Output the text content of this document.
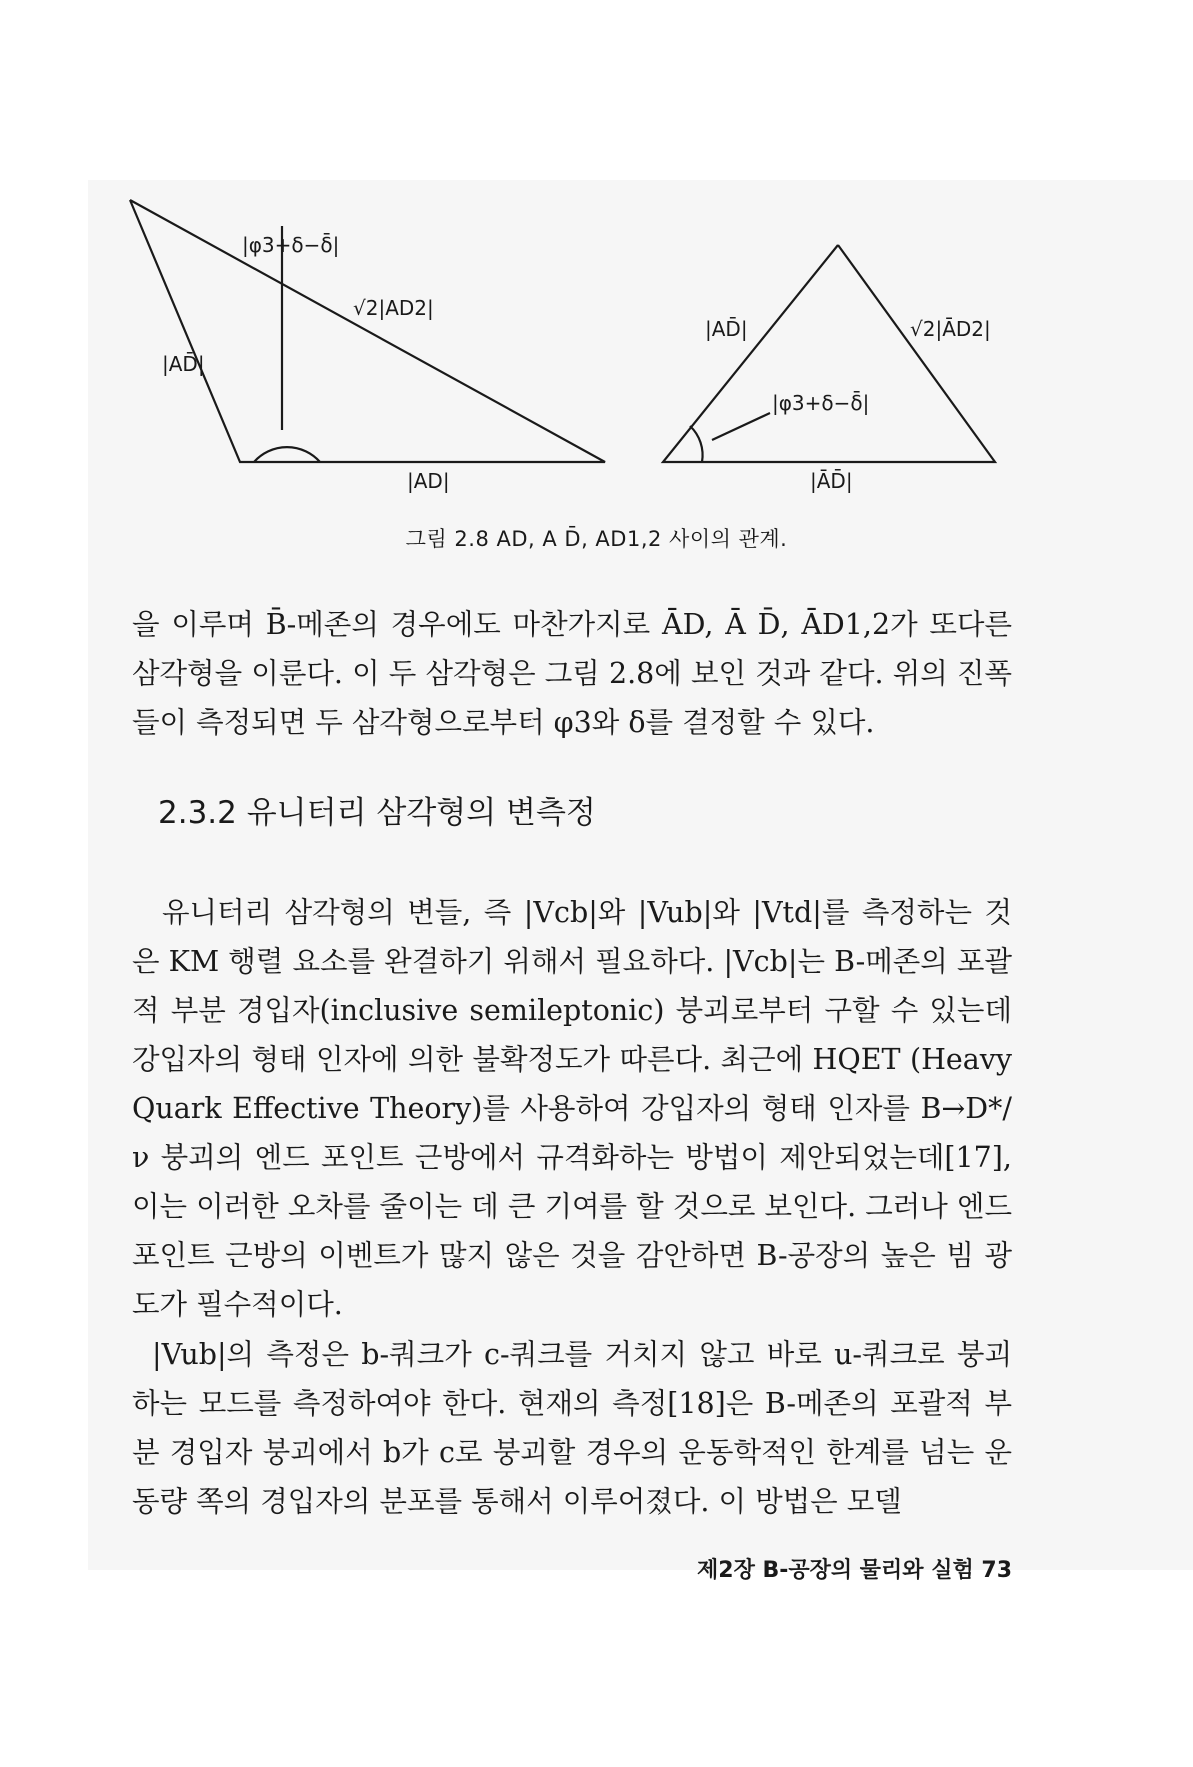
|φ3+δ−δ̄|
√2|AD2|
|AD̄|
|AD|
|AD̄|	√2|ĀD2|
|φ3+δ−δ̄|
|ĀD̄|
그림 2.8 AD, A D̄, AD1,2 사이의 관계.

을 이루며 B̄-메존의 경우에도 마찬가지로 ĀD, Ā D̄, ĀD1,2가 또다른 삼각형을 이룬다. 이 두 삼각형은 그림 2.8에 보인 것과 같다. 위의 진폭들이 측정되면 두 삼각형으로부터 φ3와 δ를 결정할 수 있다.

2.3.2 유니터리 삼각형의 변측정

유니터리 삼각형의 변들, 즉 |Vcb|와 |Vub|와 |Vtd|를 측정하는 것은 KM 행렬 요소를 완결하기 위해서 필요하다. |Vcb|는 B-메존의 포괄적 부분 경입자(inclusive semileptonic) 붕괴로부터 구할 수 있는데 강입자의 형태 인자에 의한 불확정도가 따른다. 최근에 HQET (Heavy Quark Effective Theory)를 사용하여 강입자의 형태 인자를 B→D*/ν 붕괴의 엔드 포인트 근방에서 규격화하는 방법이 제안되었는데[17], 이는 이러한 오차를 줄이는 데 큰 기여를 할 것으로 보인다. 그러나 엔드 포인트 근방의 이벤트가 많지 않은 것을 감안하면 B-공장의 높은 빔 광도가 필수적이다.

|Vub|의 측정은 b-쿼크가 c-쿼크를 거치지 않고 바로 u-쿼크로 붕괴하는 모드를 측정하여야 한다. 현재의 측정[18]은 B-메존의 포괄적 부분 경입자 붕괴에서 b가 c로 붕괴할 경우의 운동학적인 한계를 넘는 운동량 쪽의 경입자의 분포를 통해서 이루어졌다. 이 방법은 모델

제2장 B-공장의 물리와 실험 73
